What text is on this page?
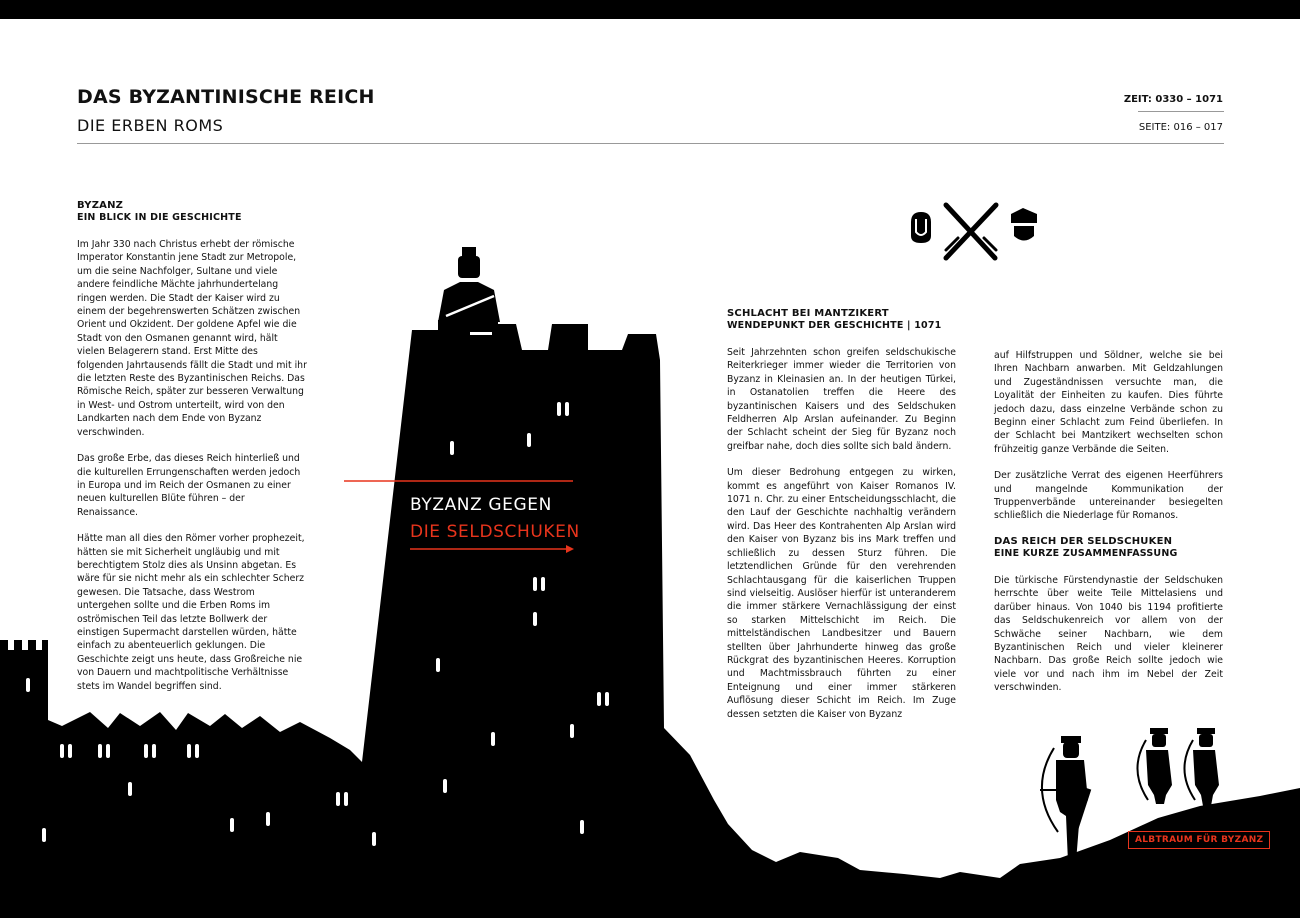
DAS BYZANTINISCHE REICH
DIE ERBEN ROMS
ZEIT: 0330 – 1071
SEITE: 016 – 017
BYZANZ GEGEN
DIE SELDSCHUKEN
BYZANZ
EIN BLICK IN DIE GESCHICHTE

Im Jahr 330 nach Christus erhebt der römische Imperator Konstantin jene Stadt zur Metropole, um die seine Nachfolger, Sultane und viele andere feindliche Mächte jahrhundertelang ringen werden. Die Stadt der Kaiser wird zu einem der begehrenswerten Schätzen zwischen Orient und Okzident. Der goldene Apfel wie die Stadt von den Osmanen genannt wird, hält vielen Belagerern stand. Erst Mitte des folgenden Jahrtausends fällt die Stadt und mit ihr die letzten Reste des Byzantinischen Reichs. Das Römische Reich, später zur besseren Verwaltung in West- und Ostrom unterteilt, wird von den Landkarten nach dem Ende von Byzanz verschwinden.

Das große Erbe, das dieses Reich hinterließ und die kulturellen Errungenschaften werden jedoch in Europa und im Reich der Osmanen zu einer neuen kulturellen Blüte führen – der Renaissance.

Hätte man all dies den Römer vorher prophezeit, hätten sie mit Sicherheit ungläubig und mit berechtigtem Stolz dies als Unsinn abgetan. Es wäre für sie nicht mehr als ein schlechter Scherz gewesen. Die Tatsache, dass Westrom untergehen sollte und die Erben Roms im oströmischen Teil das letzte Bollwerk der einstigen Supermacht darstellen würden, hätte einfach zu abenteuerlich geklungen. Die Geschichte zeigt uns heute, dass Großreiche nie von Dauern und machtpolitische Verhältnisse stets im Wandel begriffen sind.

SCHLACHT BEI MANTZIKERT
WENDEPUNKT DER GESCHICHTE | 1071

Seit Jahrzehnten schon greifen seldschukische Reiterkrieger immer wieder die Territorien von Byzanz in Kleinasien an. In der heutigen Türkei, in Ostanatolien treffen die Heere des byzantinischen Kaisers und des Seldschuken Feldherren Alp Arslan aufeinander. Zu Beginn der Schlacht scheint der Sieg für Byzanz noch greifbar nahe, doch dies sollte sich bald ändern.

Um dieser Bedrohung entgegen zu wirken, kommt es angeführt von Kaiser Romanos IV. 1071 n. Chr. zu einer Entscheidungsschlacht, die den Lauf der Geschichte nachhaltig verändern wird. Das Heer des Kontrahenten Alp Arslan wird den Kaiser von Byzanz bis ins Mark treffen und schließlich zu dessen Sturz führen. Die letztendlichen Gründe für den verehrenden Schlachtausgang für die kaiserlichen Truppen sind vielseitig. Auslöser hierfür ist unteranderem die immer stärkere Vernachlässigung der einst so starken Mittelschicht im Reich. Die mittelständischen Landbesitzer und Bauern stellten über Jahrhunderte hinweg das große Rückgrat des byzantinischen Heeres. Korruption und Machtmissbrauch führten zu einer Enteignung und einer immer stärkeren Auflösung dieser Schicht im Reich. Im Zuge dessen setzten die Kaiser von Byzanz

auf Hilfstruppen und Söldner, welche sie bei Ihren Nachbarn anwarben. Mit Geldzahlungen und Zugeständnissen versuchte man, die Loyalität der Einheiten zu kaufen. Dies führte jedoch dazu, dass einzelne Verbände schon zu Beginn einer Schlacht zum Feind überliefen. In der Schlacht bei Mantzikert wechselten schon frühzeitig ganze Verbände die Seiten.

Der zusätzliche Verrat des eigenen Heerführers und mangelnde Kommunikation der Truppenverbände untereinander besiegelten schließlich die Niederlage für Romanos.

DAS REICH DER SELDSCHUKEN
EINE KURZE ZUSAMMENFASSUNG

Die türkische Fürstendynastie der Seldschuken herrschte über weite Teile Mittelasiens und darüber hinaus. Von 1040 bis 1194 profitierte das Seldschukenreich vor allem von der Schwäche seiner Nachbarn, wie dem Byzantinischen Reich und vieler kleinerer Nachbarn. Das große Reich sollte jedoch wie viele vor und nach ihm im Nebel der Zeit verschwinden.

ALBTRAUM FÜR BYZANZ
